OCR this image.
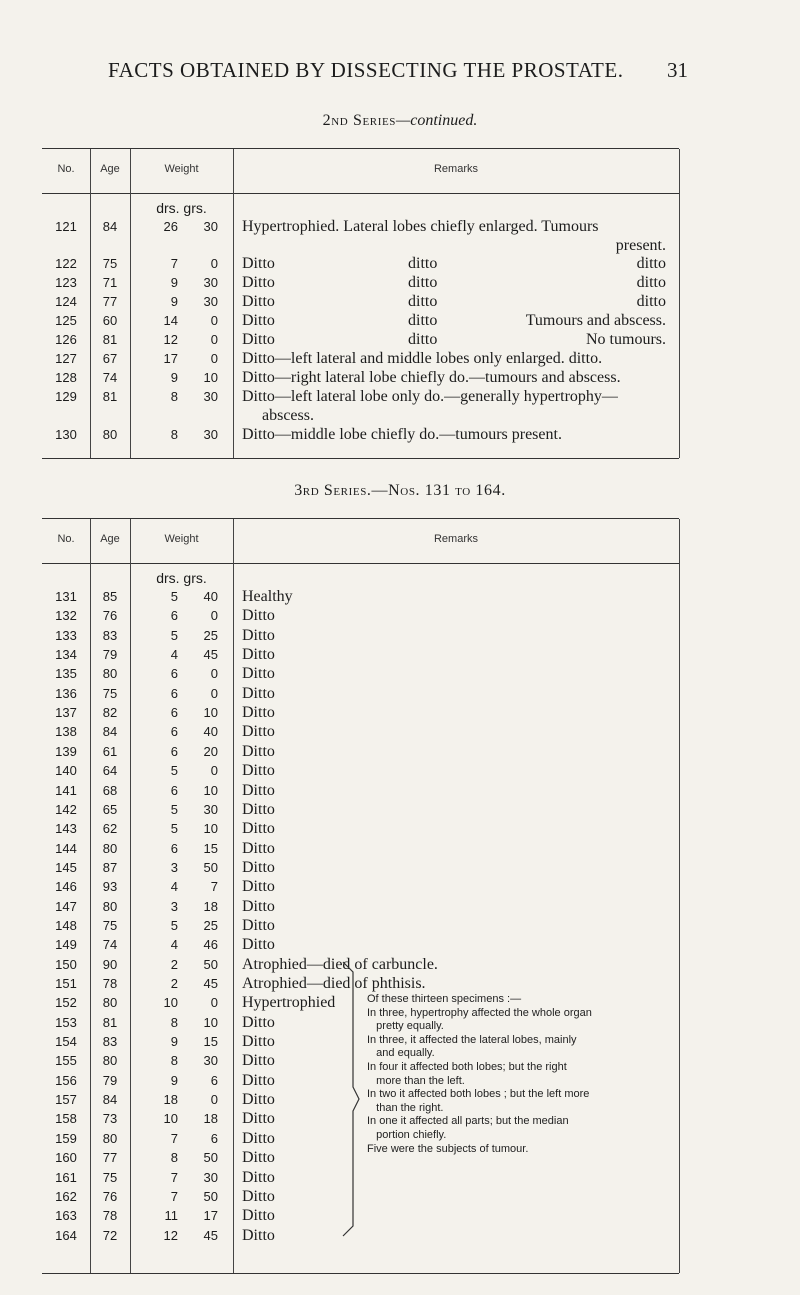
FACTS OBTAINED BY DISSECTING THE PROSTATE. 31
2nd Series—continued.
No.	Age	Weight	Remarks
drs. grs.
121	84	26	30 Hypertrophied. Lateral lobes chiefly enlarged. Tumours
present.
122	75	7	0 Ditto	ditto	ditto
123	71	9	30 Ditto	ditto	ditto
124	77	9	30 Ditto	ditto	ditto
125	60	14	0 Ditto	ditto	Tumours and abscess.
126	81	12	0 Ditto	ditto	No tumours.
127	67	17	0 Ditto—left lateral and middle lobes only enlarged. ditto.
128	74	9	10 Ditto—right lateral lobe chiefly do.—tumours and abscess.
129	81	8	30 Ditto—left lateral lobe only do.—generally hypertrophy—
abscess.
130	80	8	30 Ditto—middle lobe chiefly do.—tumours present.
3rd Series.—Nos. 131 to 164.
No.	Age	Weight	Remarks
drs. grs.
131	85	5	40 Healthy
132	76	6	0 Ditto
133	83	5	25 Ditto
134	79	4	45 Ditto
135	80	6	0 Ditto
136	75	6	0 Ditto
137	82	6	10 Ditto
138	84	6	40 Ditto
139	61	6	20 Ditto
140	64	5	0 Ditto
141	68	6	10 Ditto
142	65	5	30 Ditto
143	62	5	10 Ditto
144	80	6	15 Ditto
145	87	3	50 Ditto
146	93	4	7 Ditto
147	80	3	18 Ditto
148	75	5	25 Ditto
149	74	4	46 Ditto
150	90	2	50 Atrophied—died of carbuncle.
151	78	2	45 Atrophied—died of phthisis.
152	80	10	0 Hypertrophied
153	81	8	10 Ditto
154	83	9	15 Ditto
155	80	8	30 Ditto
156	79	9	6 Ditto
157	84	18	0 Ditto
158	73	10	18 Ditto
159	80	7	6 Ditto
160	77	8	50 Ditto
161	75	7	30 Ditto
162	76	7	50 Ditto
163	78	11	17 Ditto
164	72	12	45 Ditto
Of these thirteen specimens :—
In three, hypertrophy affected the whole organ
pretty equally.
In three, it affected the lateral lobes, mainly
and equally.
In four it affected both lobes; but the right
more than the left.
In two it affected both lobes ; but the left more
than the right.
In one it affected all parts; but the median
portion chiefly.
Five were the subjects of tumour.
